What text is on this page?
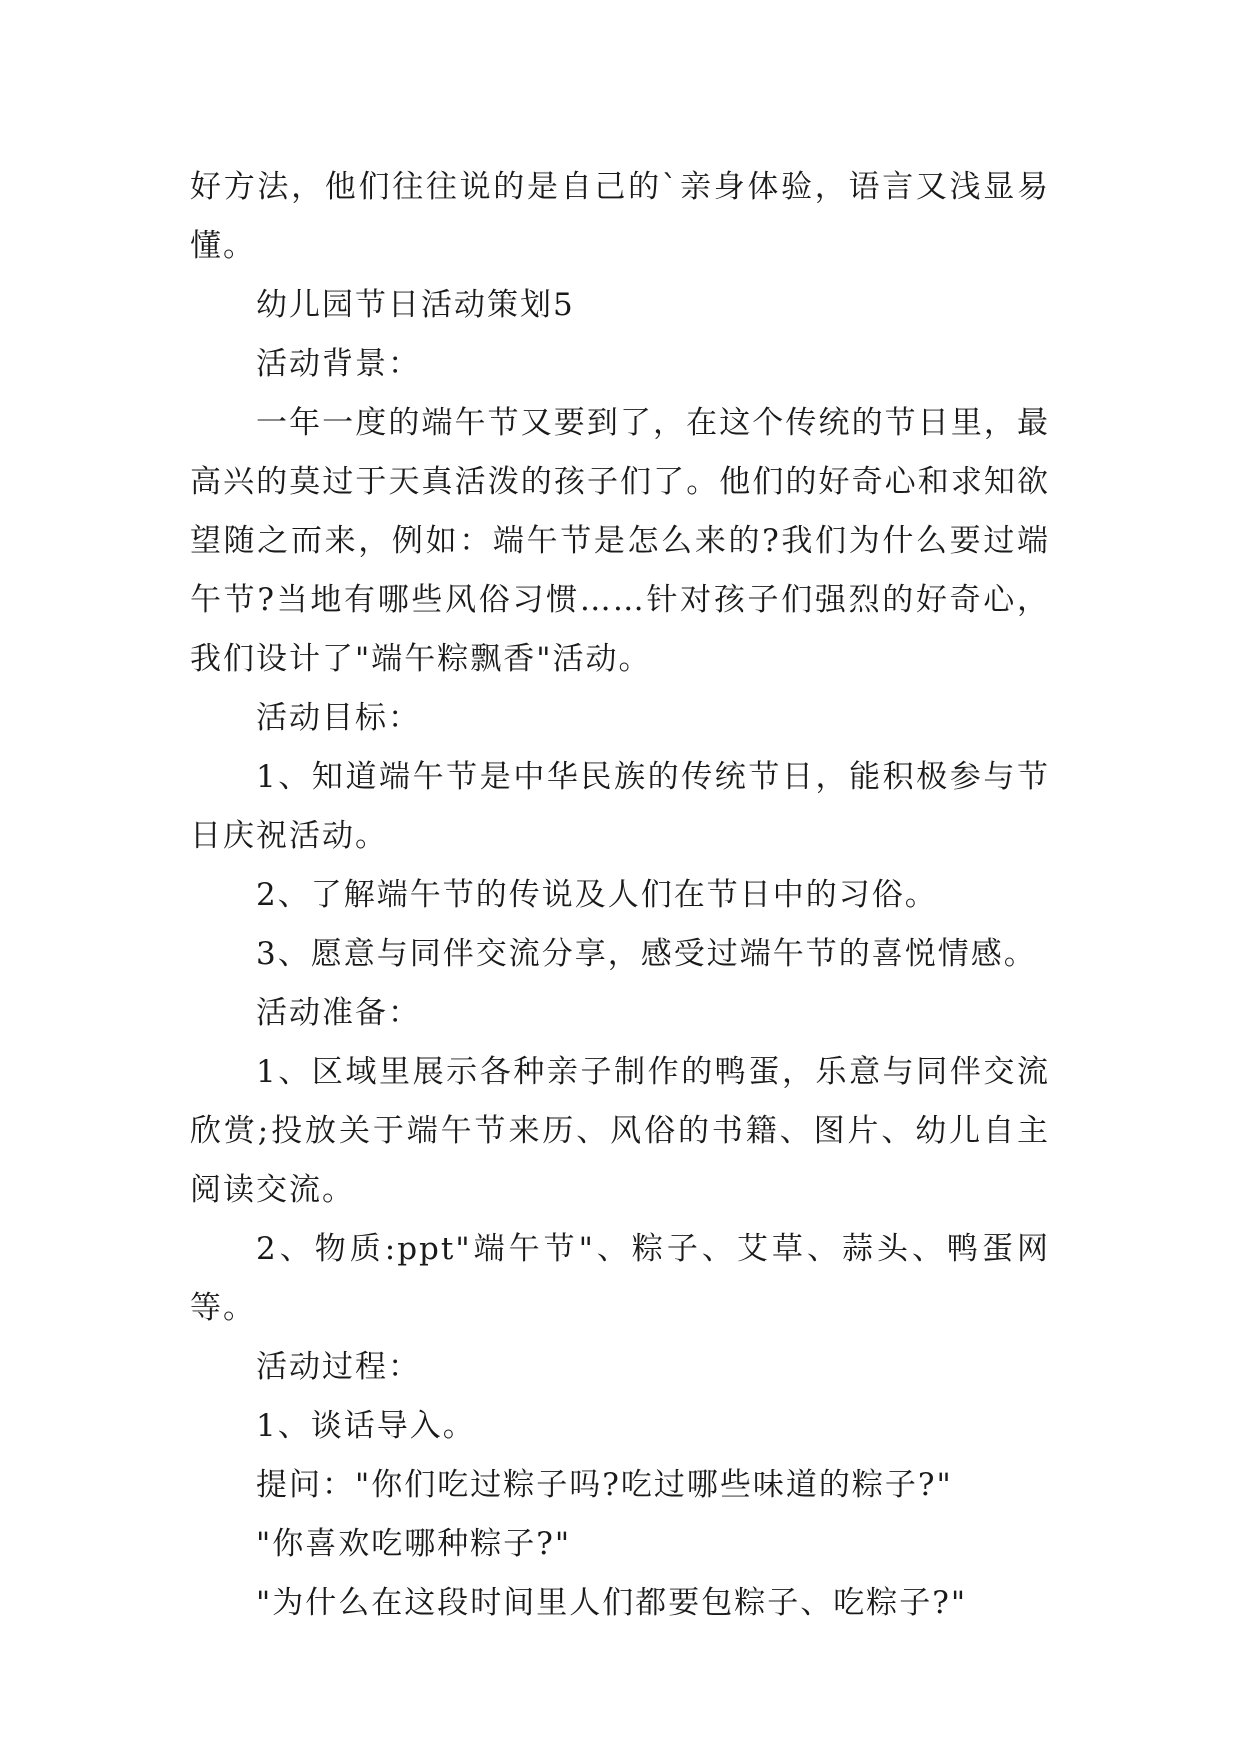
好方法，他们往往说的是自己的`亲身体验，语言又浅显易懂。

幼儿园节日活动策划5

活动背景：

一年一度的端午节又要到了，在这个传统的节日里，最高兴的莫过于天真活泼的孩子们了。他们的好奇心和求知欲望随之而来，例如：端午节是怎么来的?我们为什么要过端午节?当地有哪些风俗习惯……针对孩子们强烈的好奇心，我们设计了"端午粽飘香"活动。

活动目标：

1、知道端午节是中华民族的传统节日，能积极参与节日庆祝活动。

2、了解端午节的传说及人们在节日中的习俗。

3、愿意与同伴交流分享，感受过端午节的喜悦情感。

活动准备：

1、区域里展示各种亲子制作的鸭蛋，乐意与同伴交流欣赏;投放关于端午节来历、风俗的书籍、图片、幼儿自主阅读交流。

2、物质:ppt"端午节"、粽子、艾草、蒜头、鸭蛋网等。

活动过程：

1、谈话导入。

提问："你们吃过粽子吗?吃过哪些味道的粽子?"

"你喜欢吃哪种粽子?"

"为什么在这段时间里人们都要包粽子、吃粽子?"
